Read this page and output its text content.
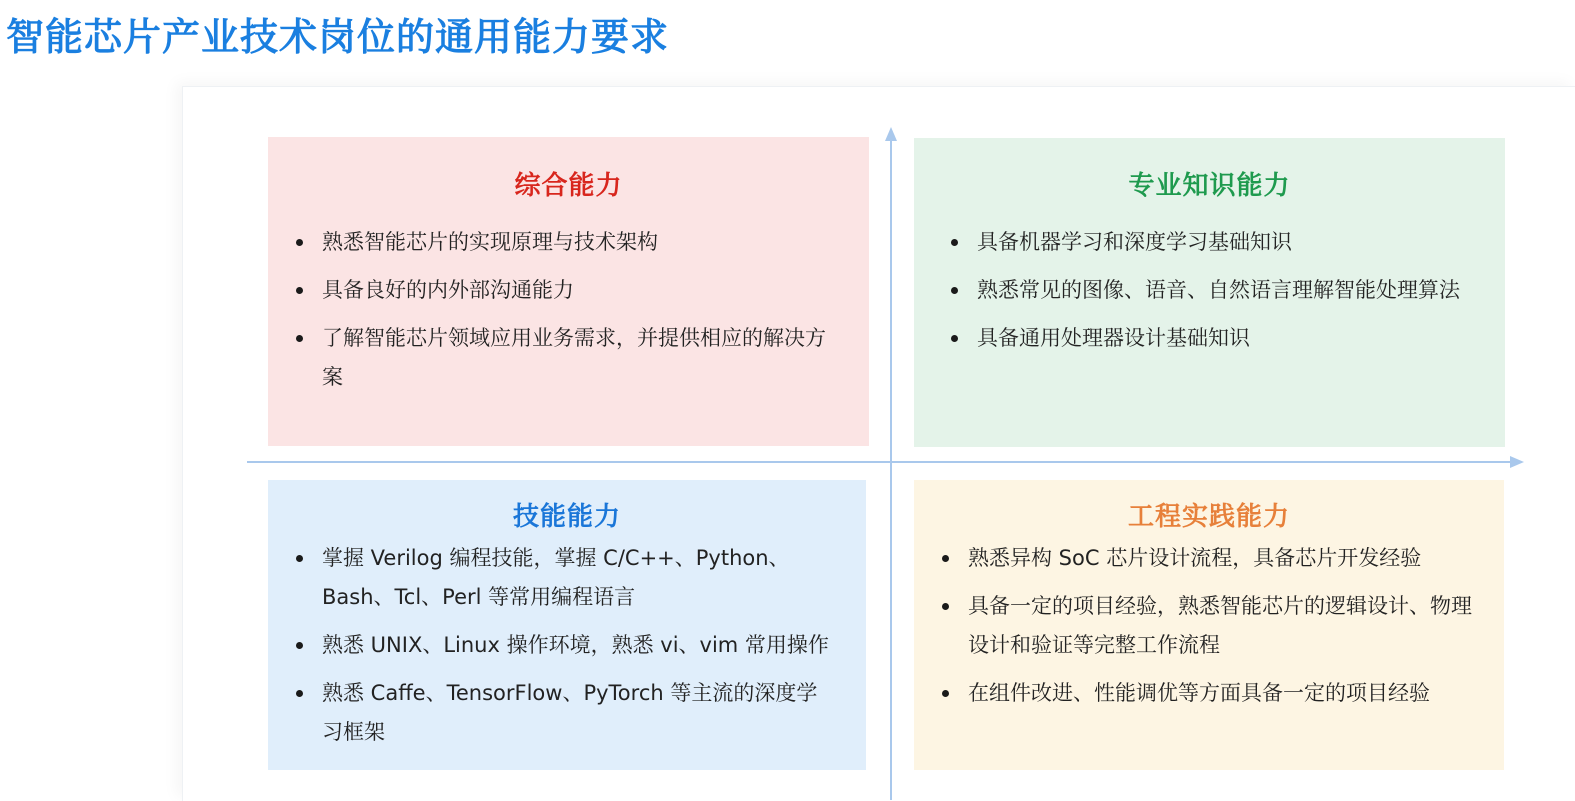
智能芯片产业技术岗位的通用能力要求
综合能力
熟悉智能芯片的实现原理与技术架构
具备良好的内外部沟通能力
了解智能芯片领域应用业务需求，并提供相应的解决方案
专业知识能力
具备机器学习和深度学习基础知识
熟悉常见的图像、语音、自然语言理解智能处理算法
具备通用处理器设计基础知识
技能能力
掌握 Verilog 编程技能，掌握 C/C++、Python、Bash、Tcl、Perl 等常用编程语言
熟悉 UNIX、Linux 操作环境，熟悉 vi、vim 常用操作
熟悉 Caffe、TensorFlow、PyTorch 等主流的深度学习框架
工程实践能力
熟悉异构 SoC 芯片设计流程，具备芯片开发经验
具备一定的项目经验，熟悉智能芯片的逻辑设计、物理设计和验证等完整工作流程
在组件改进、性能调优等方面具备一定的项目经验
